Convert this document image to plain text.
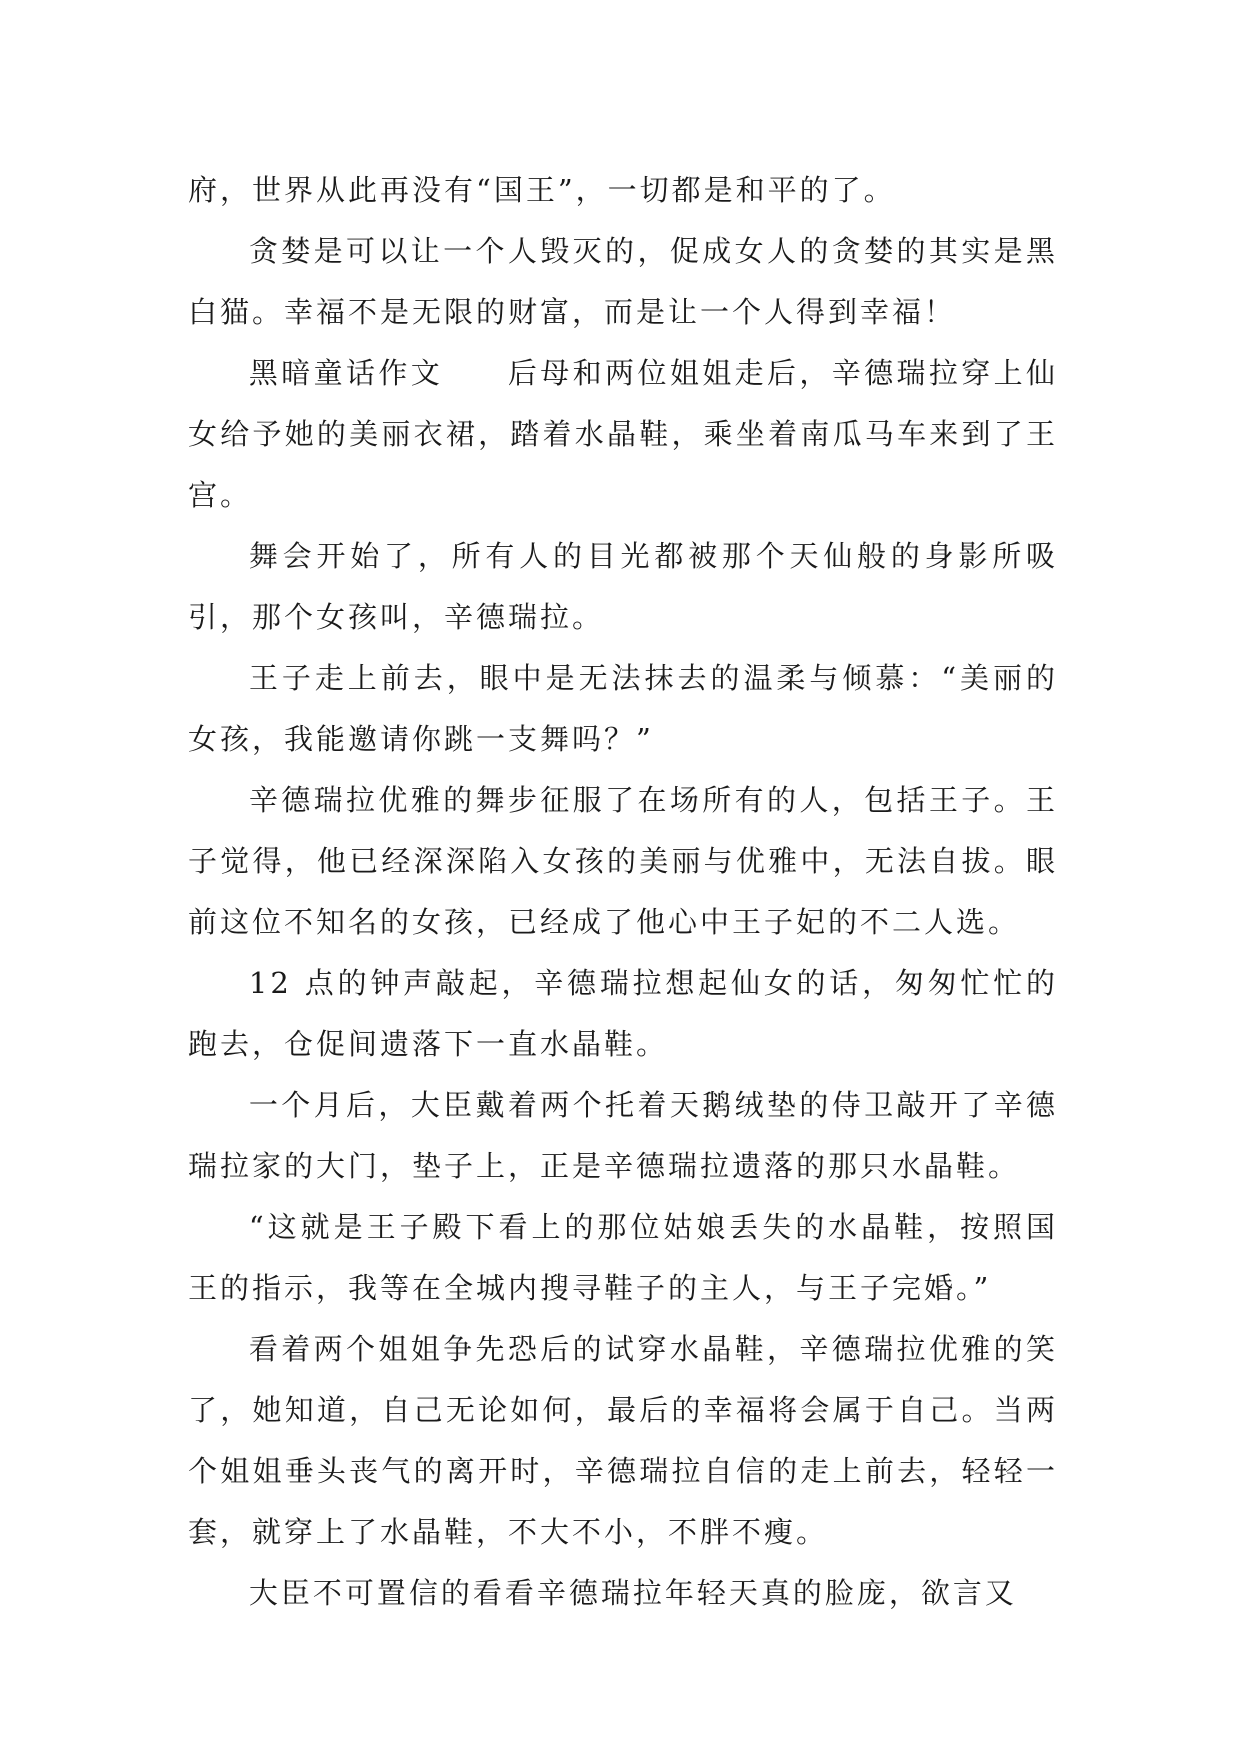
府，世界从此再没有“国王”，一切都是和平的了。

贪婪是可以让一个人毁灭的，促成女人的贪婪的其实是黑白猫。幸福不是无限的财富，而是让一个人得到幸福！

黑暗童话作文　　后母和两位姐姐走后，辛德瑞拉穿上仙女给予她的美丽衣裙，踏着水晶鞋，乘坐着南瓜马车来到了王宫。

舞会开始了，所有人的目光都被那个天仙般的身影所吸引，那个女孩叫，辛德瑞拉。

王子走上前去，眼中是无法抹去的温柔与倾慕：“美丽的女孩，我能邀请你跳一支舞吗？”

辛德瑞拉优雅的舞步征服了在场所有的人，包括王子。王子觉得，他已经深深陷入女孩的美丽与优雅中，无法自拔。眼前这位不知名的女孩，已经成了他心中王子妃的不二人选。

12 点的钟声敲起，辛德瑞拉想起仙女的话，匆匆忙忙的跑去，仓促间遗落下一直水晶鞋。

一个月后，大臣戴着两个托着天鹅绒垫的侍卫敲开了辛德瑞拉家的大门，垫子上，正是辛德瑞拉遗落的那只水晶鞋。

“这就是王子殿下看上的那位姑娘丢失的水晶鞋，按照国王的指示，我等在全城内搜寻鞋子的主人，与王子完婚。”

看着两个姐姐争先恐后的试穿水晶鞋，辛德瑞拉优雅的笑了，她知道，自己无论如何，最后的幸福将会属于自己。当两个姐姐垂头丧气的离开时，辛德瑞拉自信的走上前去，轻轻一套，就穿上了水晶鞋，不大不小，不胖不瘦。

大臣不可置信的看看辛德瑞拉年轻天真的脸庞，欲言又
